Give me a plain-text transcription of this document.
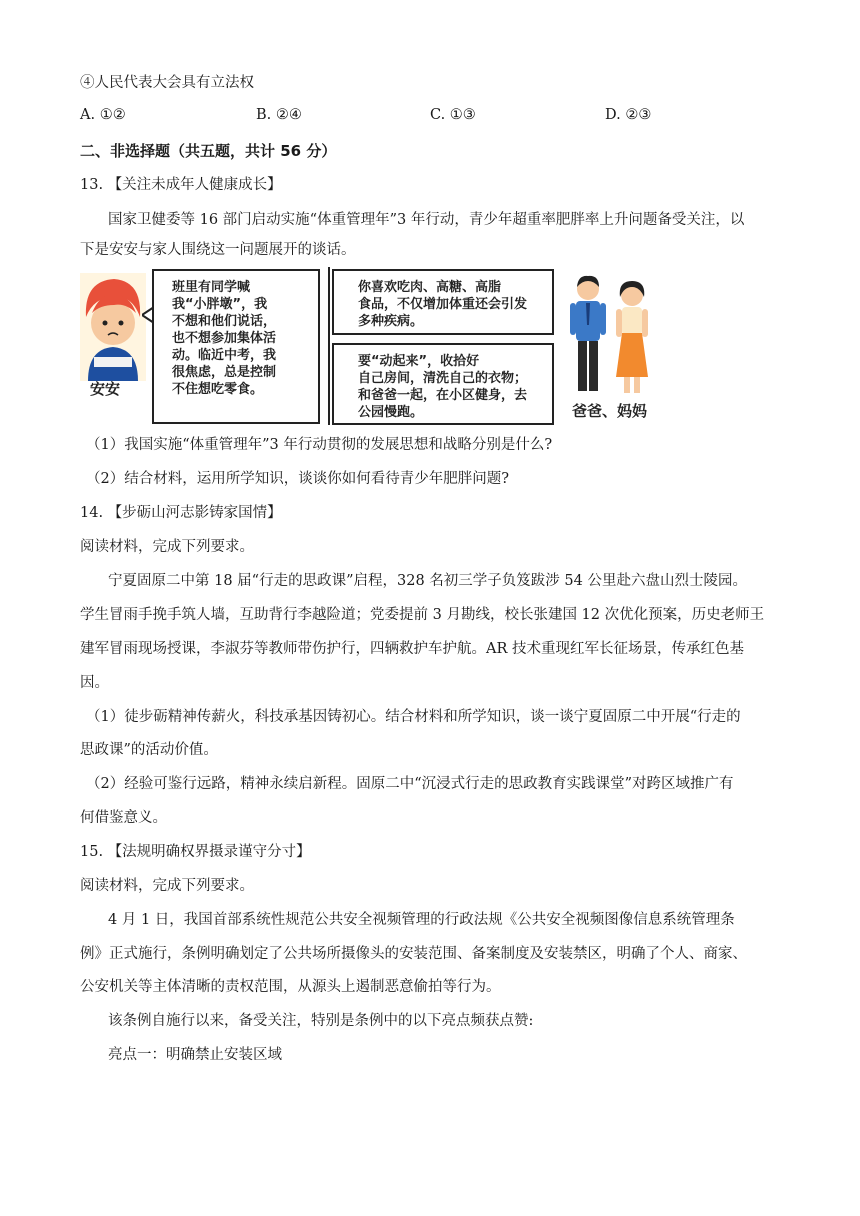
④人民代表大会具有立法权
A. ①②	B. ②④	C. ①③	D. ②③
二、非选择题（共五题，共计 56 分）
13. 【关注未成年人健康成长】
国家卫健委等 16 部门启动实施“体重管理年”3 年行动，青少年超重率肥胖率上升问题备受关注，以
下是安安与家人围绕这一问题展开的谈话。
安安
班里有同学喊
我“小胖墩”，我
不想和他们说话，
也不想参加集体活
动。临近中考，我
很焦虑，总是控制
不住想吃零食。
你喜欢吃肉、高糖、高脂
食品，不仅增加体重还会引发
多种疾病。
要“动起来”，收拾好
自己房间，清洗自己的衣物；
和爸爸一起，在小区健身，去
公园慢跑。	爸爸、妈妈
（1）我国实施“体重管理年”3 年行动贯彻的发展思想和战略分别是什么?
（2）结合材料，运用所学知识，谈谈你如何看待青少年肥胖问题?
14. 【步砺山河志影铸家国情】
阅读材料，完成下列要求。
宁夏固原二中第 18 届“行走的思政课”启程，328 名初三学子负笈跋涉 54 公里赴六盘山烈士陵园。
学生冒雨手挽手筑人墙，互助背行李越险道；党委提前 3 月勘线，校长张建国 12 次优化预案，历史老师王
建军冒雨现场授课，李淑芬等教师带伤护行，四辆救护车护航。AR 技术重现红军长征场景，传承红色基
因。
（1）徒步砺精神传薪火，科技承基因铸初心。结合材料和所学知识，谈一谈宁夏固原二中开展“行走的
思政课”的活动价值。
（2）经验可鉴行远路，精神永续启新程。固原二中“沉浸式行走的思政教育实践课堂”对跨区域推广有
何借鉴意义。
15. 【法规明确权界摄录谨守分寸】
阅读材料，完成下列要求。
4 月 1 日，我国首部系统性规范公共安全视频管理的行政法规《公共安全视频图像信息系统管理条
例》正式施行，条例明确划定了公共场所摄像头的安装范围、备案制度及安装禁区，明确了个人、商家、
公安机关等主体清晰的责权范围，从源头上遏制恶意偷拍等行为。
该条例自施行以来，备受关注，特别是条例中的以下亮点频获点赞:
亮点一：明确禁止安装区域
